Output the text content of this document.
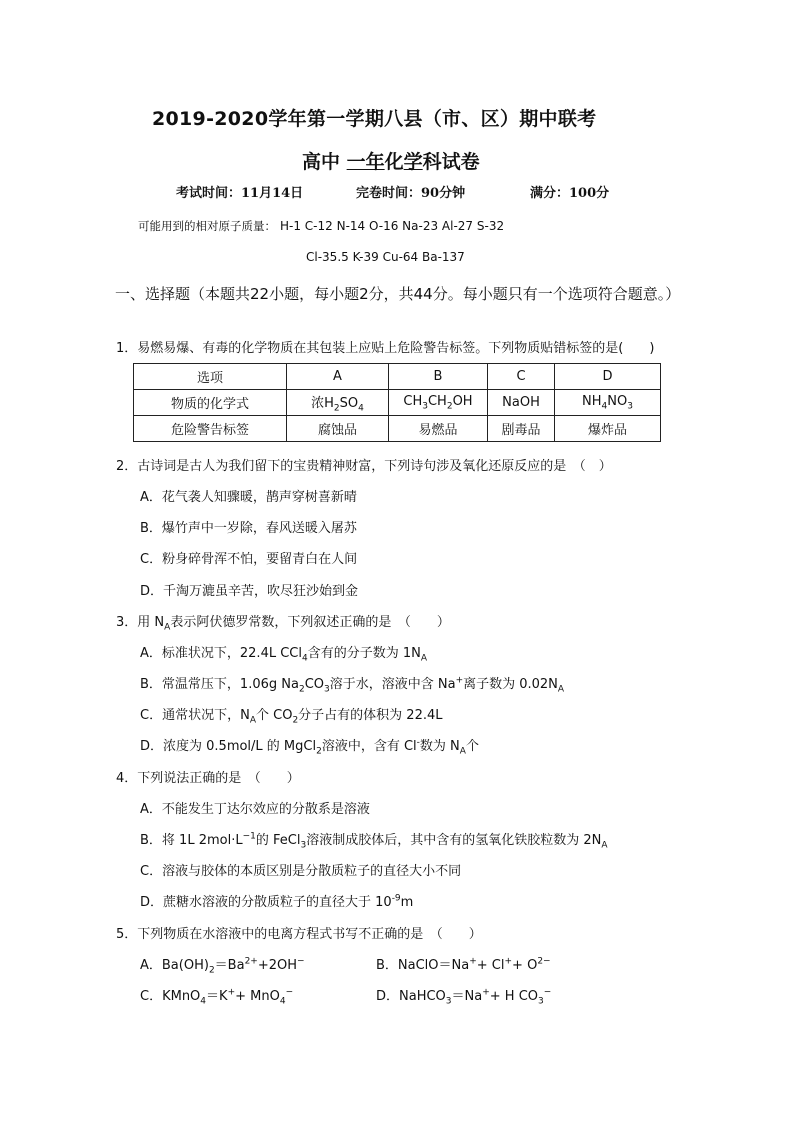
2019-2020学年第一学期八县（市、区）期中联考
高中 一年化学科试卷
考试时间：11月14日	完卷时间：90分钟	满分：100分
可能用到的相对原子质量： H-1 C-12 N-14 O-16 Na-23 Al-27 S-32
Cl-35.5 K-39 Cu-64 Ba-137
一、选择题（本题共22小题，每小题2分，共44分。每小题只有一个选项符合题意。）
1．易燃易爆、有毒的化学物质在其包装上应贴上危险警告标签。下列物质贴错标签的是(　　)
选项	A	B	C	D
物质的化学式	浓$H_2SO_4$	$CH_3CH_2OH$	NaOH	$NH_4NO_3$
危险警告标签	腐蚀品	易燃品	剧毒品	爆炸品
2．古诗词是古人为我们留下的宝贵精神财富，下列诗句涉及氧化还原反应的是　（　）
A．花气袭人知骤暖，鹊声穿树喜新晴
B．爆竹声中一岁除，春风送暖入屠苏
C．粉身碎骨浑不怕，要留青白在人间
D．千淘万漉虽辛苦，吹尽狂沙始到金
3．用 $N_A$表示阿伏德罗常数，下列叙述正确的是　（　　）
A．标准状况下，22.4L CCl$_4$含有的分子数为 $1N_A$
B．常温常压下，1.06g $Na_2CO_3$溶于水，溶液中含 Na+离子数为 $0.02N_A$
C．通常状况下，$N_A$个 $CO_2$分子占有的体积为 22.4L
D．浓度为 0.5mol/L 的 MgCl$_2$溶液中，含有 Cl-数为 $N_A$个
4．下列说法正确的是　（　　）
A．不能发生丁达尔效应的分散系是溶液
B．将 1L $2mol\cdot L^{-1}$的 FeCl$_3$溶液制成胶体后，其中含有的氢氧化铁胶粒数为 $2N_A$
C．溶液与胶体的本质区别是分散质粒子的直径大小不同
D．蔗糖水溶液的分散质粒子的直径大于 $10^{-9}m$
5．下列物质在水溶液中的电离方程式书写不正确的是　（　　）
A．$Ba(OH)_2=Ba^{2+}+2OH^-$	B．NaClO＝Na++ $Cl^++ O^{2-}$
C．KMnO$_4$＝K++ MnO$_4$−	D．NaHCO$_3$＝Na++ H $CO_3^-$
